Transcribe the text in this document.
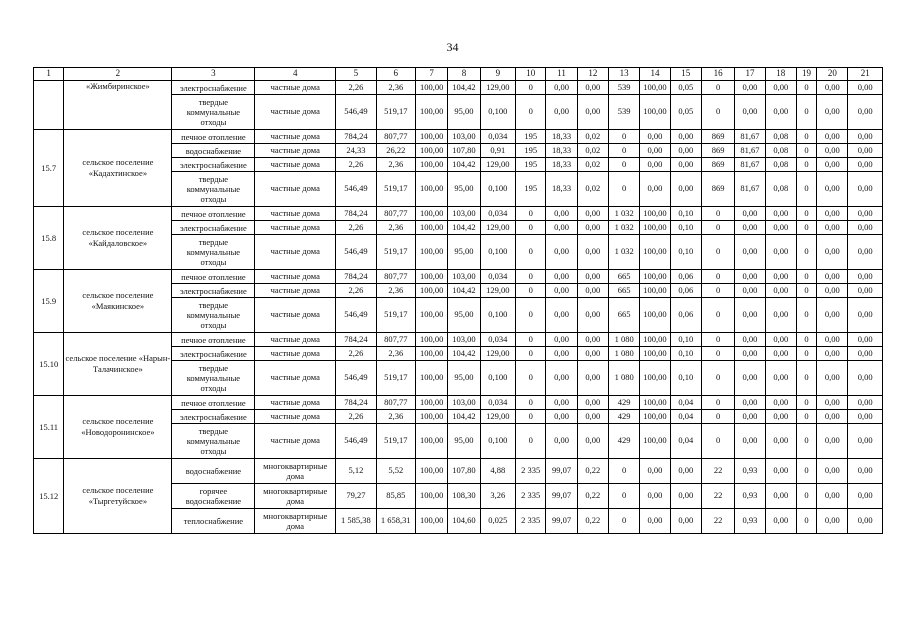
34
1	2	3	4	5	6	7	8	9	10	11	12	13	14	15	16	17	18	19	20	21
	«Жимбиринское»	электроснабжение	частные дома	2,26	2,36	100,00	104,42	129,00	0	0,00	0,00	539	100,00	0,05	0	0,00	0,00	0	0,00	0,00
		твердые коммунальные отходы	частные дома	546,49	519,17	100,00	95,00	0,100	0	0,00	0,00	539	100,00	0,05	0	0,00	0,00	0	0,00	0,00
15.7	сельское поселение «Кадахтинское»	печное отопление	частные дома	784,24	807,77	100,00	103,00	0,034	195	18,33	0,02	0	0,00	0,00	869	81,67	0,08	0	0,00	0,00
		водоснабжение	частные дома	24,33	26,22	100,00	107,80	0,91	195	18,33	0,02	0	0,00	0,00	869	81,67	0,08	0	0,00	0,00
		электроснабжение	частные дома	2,26	2,36	100,00	104,42	129,00	195	18,33	0,02	0	0,00	0,00	869	81,67	0,08	0	0,00	0,00
		твердые коммунальные отходы	частные дома	546,49	519,17	100,00	95,00	0,100	195	18,33	0,02	0	0,00	0,00	869	81,67	0,08	0	0,00	0,00
15.8	сельское поселение «Кайдаловское»	печное отопление	частные дома	784,24	807,77	100,00	103,00	0,034	0	0,00	0,00	1 032	100,00	0,10	0	0,00	0,00	0	0,00	0,00
		электроснабжение	частные дома	2,26	2,36	100,00	104,42	129,00	0	0,00	0,00	1 032	100,00	0,10	0	0,00	0,00	0	0,00	0,00
		твердые коммунальные отходы	частные дома	546,49	519,17	100,00	95,00	0,100	0	0,00	0,00	1 032	100,00	0,10	0	0,00	0,00	0	0,00	0,00
15.9	сельское поселение «Маякинское»	печное отопление	частные дома	784,24	807,77	100,00	103,00	0,034	0	0,00	0,00	665	100,00	0,06	0	0,00	0,00	0	0,00	0,00
		электроснабжение	частные дома	2,26	2,36	100,00	104,42	129,00	0	0,00	0,00	665	100,00	0,06	0	0,00	0,00	0	0,00	0,00
		твердые коммунальные отходы	частные дома	546,49	519,17	100,00	95,00	0,100	0	0,00	0,00	665	100,00	0,06	0	0,00	0,00	0	0,00	0,00
15.10	сельское поселение «Нарын-Талачинское»	печное отопление	частные дома	784,24	807,77	100,00	103,00	0,034	0	0,00	0,00	1 080	100,00	0,10	0	0,00	0,00	0	0,00	0,00
		электроснабжение	частные дома	2,26	2,36	100,00	104,42	129,00	0	0,00	0,00	1 080	100,00	0,10	0	0,00	0,00	0	0,00	0,00
		твердые коммунальные отходы	частные дома	546,49	519,17	100,00	95,00	0,100	0	0,00	0,00	1 080	100,00	0,10	0	0,00	0,00	0	0,00	0,00
15.11	сельское поселение «Новодоронинское»	печное отопление	частные дома	784,24	807,77	100,00	103,00	0,034	0	0,00	0,00	429	100,00	0,04	0	0,00	0,00	0	0,00	0,00
		электроснабжение	частные дома	2,26	2,36	100,00	104,42	129,00	0	0,00	0,00	429	100,00	0,04	0	0,00	0,00	0	0,00	0,00
		твердые коммунальные отходы	частные дома	546,49	519,17	100,00	95,00	0,100	0	0,00	0,00	429	100,00	0,04	0	0,00	0,00	0	0,00	0,00
15.12	сельское поселение «Тыргетуйское»	водоснабжение	многоквартирные дома	5,12	5,52	100,00	107,80	4,88	2 335	99,07	0,22	0	0,00	0,00	22	0,93	0,00	0	0,00	0,00
		горячее водоснабжение	многоквартирные дома	79,27	85,85	100,00	108,30	3,26	2 335	99,07	0,22	0	0,00	0,00	22	0,93	0,00	0	0,00	0,00
		теплоснабжение	многоквартирные дома	1 585,38	1 658,31	100,00	104,60	0,025	2 335	99,07	0,22	0	0,00	0,00	22	0,93	0,00	0	0,00	0,00
